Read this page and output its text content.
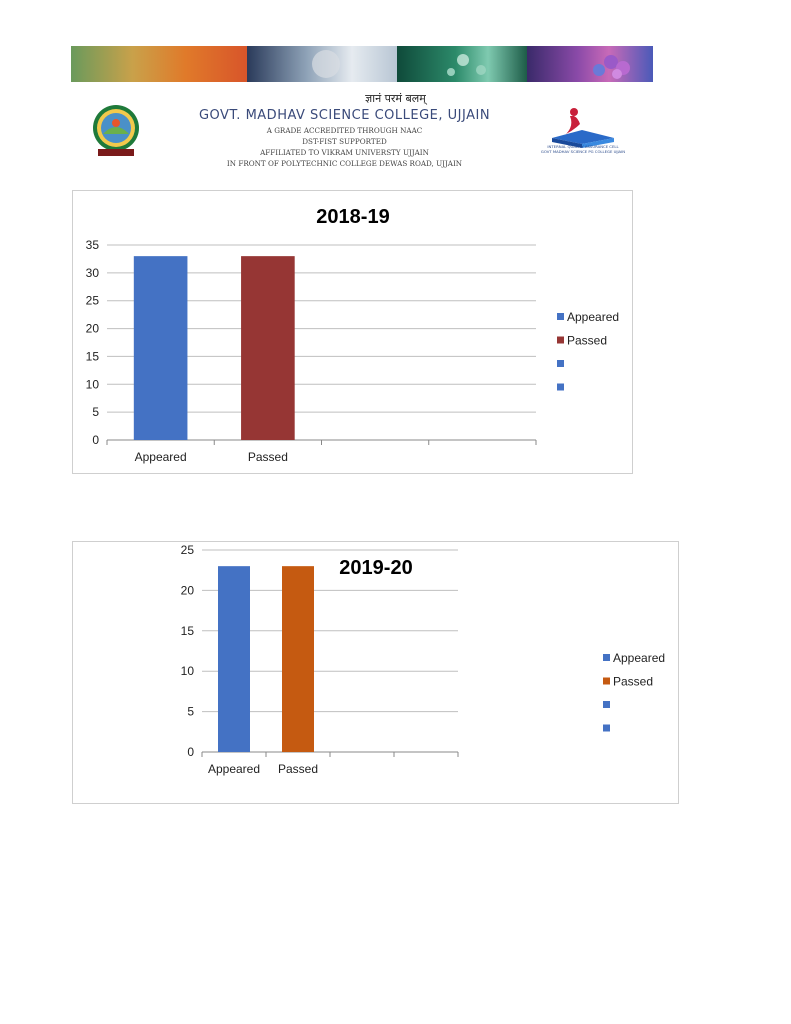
ज्ञानं परमं बलम्
GOVT. MADHAV SCIENCE COLLEGE, UJJAIN
A GRADE ACCREDITED THROUGH NAAC
DST-FIST SUPPORTED
AFFILIATED TO VIKRAM UNIVERSTY UJJAIN
IN FRONT OF POLYTECHNIC COLLEGE DEWAS ROAD, UJJAIN
INTERNAL QUALITY ASSURANCE CELL
GOVT MADHAV SCIENCE PG COLLEGE UJJAIN
2018-19
0
5
10
15
20
25
30
35
Appeared	Passed
Appeared
Passed
2019-20
0
5
10
15
20
25
Appeared Passed
Appeared
Passed
